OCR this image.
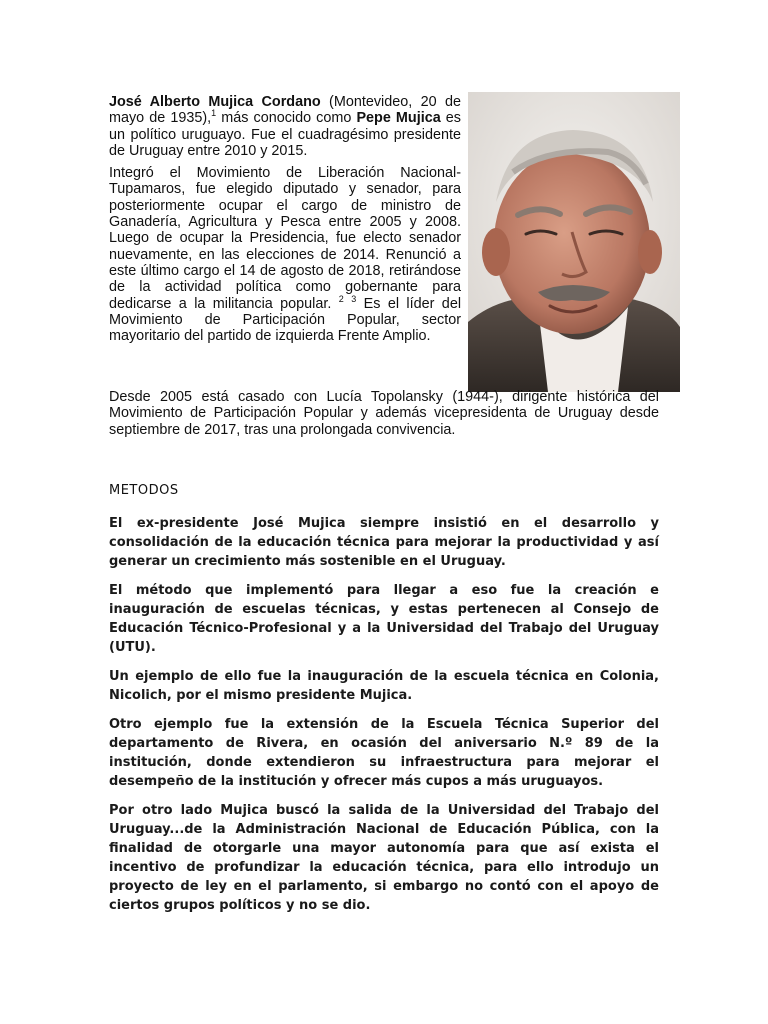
José Alberto Mujica Cordano (Montevideo, 20 de mayo de 1935),$^1$ más conocido como Pepe Mujica es un político uruguayo. Fue el cuadragésimo presidente de Uruguay entre 2010 y 2015.

Integró el Movimiento de Liberación Nacional-Tupamaros, fue elegido diputado y senador, para posteriormente ocupar el cargo de ministro de Ganadería, Agricultura y Pesca entre 2005 y 2008. Luego de ocupar la Presidencia, fue electo senador nuevamente, en las elecciones de 2014. Renunció a este último cargo el 14 de agosto de 2018, retirándose de la actividad política como gobernante para dedicarse a la militancia popular. $^2$ $^3$ Es el líder del Movimiento de Participación Popular, sector mayoritario del partido de izquierda Frente Amplio.

Desde 2005 está casado con Lucía Topolansky (1944-), dirigente histórica del Movimiento de Participación Popular y además vicepresidenta de Uruguay desde septiembre de 2017, tras una prolongada convivencia.

METODOS

El ex-presidente José Mujica siempre insistió en el desarrollo y consolidación de la educación técnica para mejorar la productividad y así generar un crecimiento más sostenible en el Uruguay.

El método que implementó para llegar a eso fue la creación e inauguración de escuelas técnicas, y estas pertenecen al Consejo de Educación Técnico-Profesional y a la Universidad del Trabajo del Uruguay (UTU).

Un ejemplo de ello fue la inauguración de la escuela técnica en Colonia, Nicolich, por el mismo presidente Mujica.

Otro ejemplo fue la extensión de la Escuela Técnica Superior del departamento de Rivera, en ocasión del aniversario N.º 89 de la institución, donde extendieron su infraestructura para mejorar el desempeño de la institución y ofrecer más cupos a más uruguayos.

Por otro lado Mujica buscó la salida de la Universidad del Trabajo del Uruguay...de la Administración Nacional de Educación Pública, con la finalidad de otorgarle una mayor autonomía para que así exista el incentivo de profundizar la educación técnica, para ello introdujo un proyecto de ley en el parlamento, si embargo no contó con el apoyo de ciertos grupos políticos y no se dio.
